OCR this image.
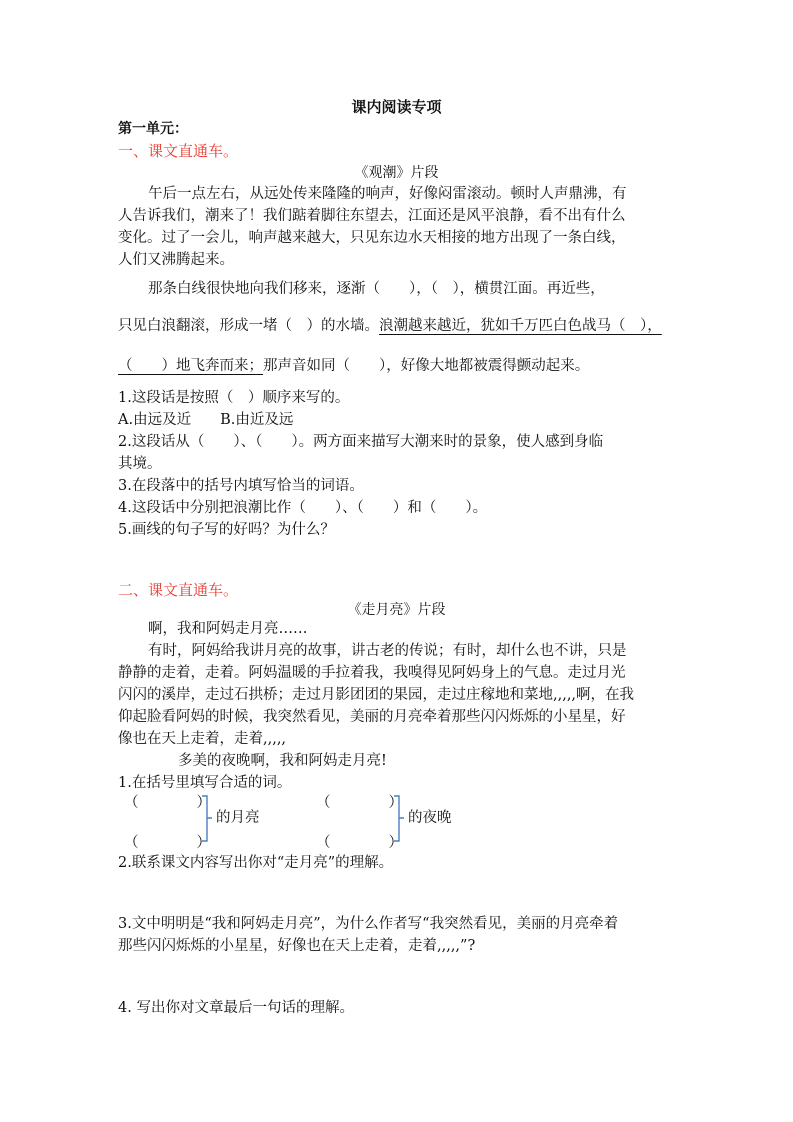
课内阅读专项
第一单元：
一、课文直通车。
《观潮》片段
午后一点左右，从远处传来隆隆的响声，好像闷雷滚动。顿时人声鼎沸，有
人告诉我们，潮来了！我们踮着脚往东望去，江面还是风平浪静，看不出有什么
变化。过了一会儿，响声越来越大，只见东边水天相接的地方出现了一条白线，
人们又沸腾起来。
那条白线很快地向我们移来，逐渐（　　），（　），横贯江面。再近些，
只见白浪翻滚，形成一堵（　）的水墙。浪潮越来越近，犹如千万匹白色战马（　），
（　　）地飞奔而来；那声音如同（　　），好像大地都被震得颤动起来。
1.这段话是按照（　）顺序来写的。
A.由远及近　　B.由近及远
2.这段话从（　　）、（　　）。两方面来描写大潮来时的景象，使人感到身临
其境。
3.在段落中的括号内填写恰当的词语。
4.这段话中分别把浪潮比作（　　）、（　　）和（　　）。
5.画线的句子写的好吗？为什么？
二、课文直通车。
《走月亮》片段
啊，我和阿妈走月亮……
有时，阿妈给我讲月亮的故事，讲古老的传说；有时，却什么也不讲，只是
静静的走着，走着。阿妈温暖的手拉着我，我嗅得见阿妈身上的气息。走过月光
闪闪的溪岸，走过石拱桥；走过月影团团的果园，走过庄稼地和菜地,,,,,啊，在我
仰起脸看阿妈的时候，我突然看见，美丽的月亮牵着那些闪闪烁烁的小星星，好
像也在天上走着，走着,,,,,
多美的夜晚啊，我和阿妈走月亮!
1.在括号里填写合适的词。
（　　　　）
（　　　　）
的月亮
（　　　　）
（　　　　）
的夜晚
2.联系课文内容写出你对“走月亮”的理解。
3.文中明明是“我和阿妈走月亮”，为什么作者写“我突然看见，美丽的月亮牵着
那些闪闪烁烁的小星星，好像也在天上走着，走着,,,,,”?
4. 写出你对文章最后一句话的理解。
